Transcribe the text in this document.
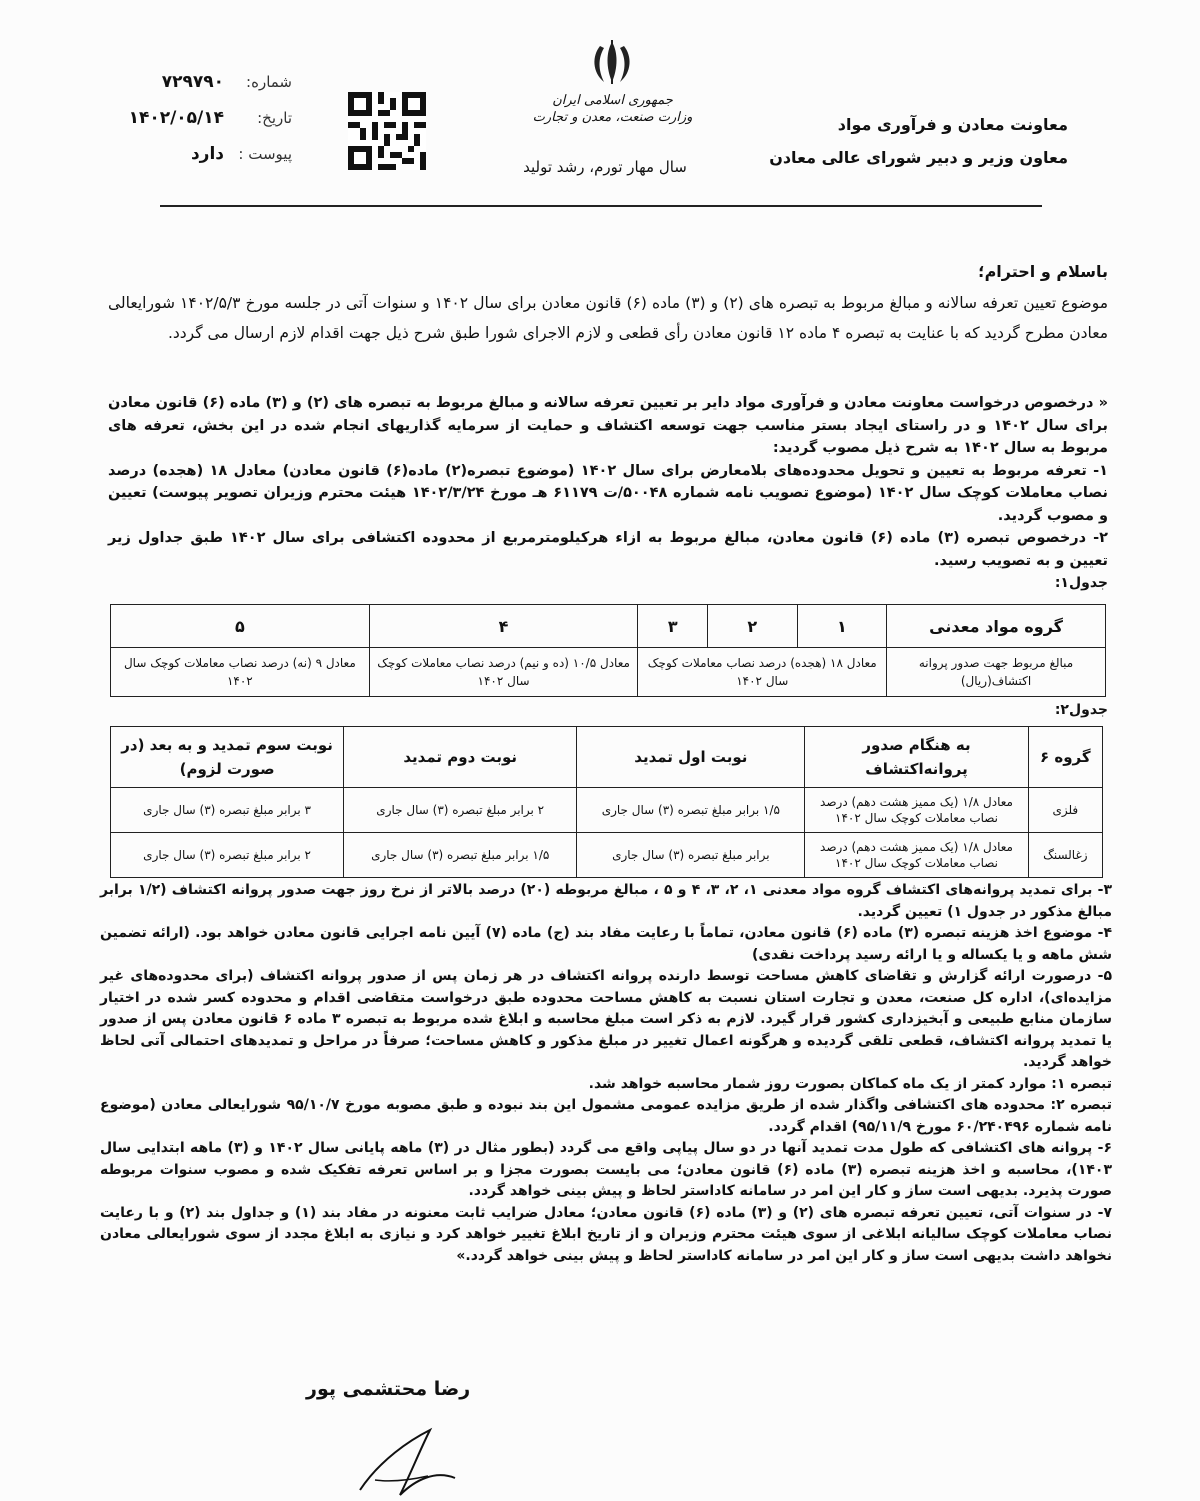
معاونت معادن و فرآوری مواد
معاون وزیر و دبیر شورای عالی معادن
جمهوری اسلامی ایران
وزارت صنعت، معدن و تجارت
سال مهار تورم، رشد تولید
شماره:
۷۲۹۷۹۰
تاریخ:
۱۴۰۲/۰۵/۱۴
پیوست :
دارد
باسلام و احترام؛
موضوع تعیین تعرفه سالانه و مبالغ مربوط به تبصره های (۲) و (۳) ماده (۶) قانون معادن برای سال ۱۴۰۲ و سنوات آتی در جلسه مورخ ۱۴۰۲/۵/۳ شورایعالی معادن مطرح گردید که با عنایت به تبصره ۴ ماده ۱۲ قانون معادن رأی قطعی و لازم الاجرای شورا طبق شرح ذیل جهت اقدام لازم ارسال می گردد.
« درخصوص درخواست معاونت معادن و فرآوری مواد دایر بر تعیین تعرفه سالانه و مبالغ مربوط به تبصره های (۲) و (۳) ماده (۶) قانون معادن برای سال ۱۴۰۲ و در راستای ایجاد بستر مناسب جهت توسعه اکتشاف و حمایت از سرمایه گذاریهای انجام شده در این بخش، تعرفه های مربوط به سال ۱۴۰۲ به شرح ذیل مصوب گردید:
۱- تعرفه مربوط به تعیین و تحویل محدوده‌های بلامعارض برای سال ۱۴۰۲ (موضوع تبصره(۲) ماده(۶) قانون معادن) معادل ۱۸ (هجده) درصد نصاب معاملات کوچک سال ۱۴۰۲ (موضوع تصویب نامه شماره ۵۰۰۴۸/ت ۶۱۱۷۹ هـ مورخ ۱۴۰۲/۳/۲۴ هیئت محترم وزیران تصویر پیوست) تعیین و مصوب گردید.
۲- درخصوص تبصره (۳) ماده (۶) قانون معادن، مبالغ مربوط به ازاء هرکیلومترمربع از محدوده اکتشافی برای سال ۱۴۰۲ طبق جداول زیر تعیین و به تصویب رسید.
جدول۱:
گروه مواد معدنی	۱	۲	۳	۴	۵
مبالغ مربوط جهت صدور پروانه اکتشاف(ریال)	معادل ۱۸ (هجده) درصد نصاب معاملات کوچک سال ۱۴۰۲			معادل ۱۰/۵ (ده و نیم) درصد نصاب معاملات کوچک سال ۱۴۰۲	معادل ۹ (نه) درصد نصاب معاملات کوچک سال ۱۴۰۲
جدول۲:
گروه ۶	به هنگام صدور پروانه‌اکتشاف	نوبت اول تمدید	نوبت دوم تمدید	نوبت سوم تمدید و به بعد (در صورت لزوم)
فلزی	معادل ۱/۸ (یک ممیز هشت دهم) درصد نصاب معاملات کوچک سال ۱۴۰۲	۱/۵ برابر مبلغ تبصره (۳) سال جاری	۲ برابر مبلغ تبصره (۳) سال جاری	۳ برابر مبلغ تبصره (۳) سال جاری
زغالسنگ	معادل ۱/۸ (یک ممیز هشت دهم) درصد نصاب معاملات کوچک سال ۱۴۰۲	برابر مبلغ تبصره (۳) سال جاری	۱/۵ برابر مبلغ تبصره (۳) سال جاری	۲ برابر مبلغ تبصره (۳) سال جاری
۳- برای تمدید پروانه‌های اکتشاف گروه مواد معدنی ۱، ۲، ۳، ۴ و ۵ ، مبالغ مربوطه (۲۰) درصد بالاتر از نرخ روز جهت صدور پروانه اکتشاف (۱/۲ برابر مبالغ مذکور در جدول ۱) تعیین گردید.
۴- موضوع اخذ هزینه تبصره (۳) ماده (۶) قانون معادن، تماماً با رعایت مفاد بند (ج) ماده (۷) آیین نامه اجرایی قانون معادن خواهد بود. (ارائه تضمین شش ماهه و یا یکساله و یا ارائه رسید پرداخت نقدی)
۵- درصورت ارائه گزارش و تقاضای کاهش مساحت توسط دارنده پروانه اکتشاف در هر زمان پس از صدور پروانه اکتشاف (برای محدوده‌های غیر مزایده‌ای)، اداره کل صنعت، معدن و تجارت استان نسبت به کاهش مساحت محدوده طبق درخواست متقاضی اقدام و محدوده کسر شده در اختیار سازمان منابع طبیعی و آبخیزداری کشور قرار گیرد. لازم به ذکر است مبلغ محاسبه و ابلاغ شده مربوط به تبصره ۳ ماده ۶ قانون معادن پس از صدور یا تمدید پروانه اکتشاف، قطعی تلقی گردیده و هرگونه اعمال تغییر در مبلغ مذکور و کاهش مساحت؛ صرفاً در مراحل و تمدیدهای احتمالی آتی لحاظ خواهد گردید.
تبصره ۱: موارد کمتر از یک ماه کماکان بصورت روز شمار محاسبه خواهد شد.
تبصره ۲: محدوده های اکتشافی واگذار شده از طریق مزایده عمومی مشمول این بند نبوده و طبق مصوبه مورخ ۹۵/۱۰/۷ شورایعالی معادن (موضوع نامه شماره ۶۰/۲۴۰۴۹۶ مورخ ۹۵/۱۱/۹) اقدام گردد.
۶- پروانه های اکتشافی که طول مدت تمدید آنها در دو سال پیاپی واقع می گردد (بطور مثال در (۳) ماهه پایانی سال ۱۴۰۲ و (۳) ماهه ابتدایی سال ۱۴۰۳)، محاسبه و اخذ هزینه تبصره (۳) ماده (۶) قانون معادن؛ می بایست بصورت مجزا و بر اساس تعرفه تفکیک شده و مصوب سنوات مربوطه صورت پذیرد. بدیهی است ساز و کار این امر در سامانه کاداستر لحاظ و پیش بینی خواهد گردد.
۷- در سنوات آتی، تعیین تعرفه تبصره های (۲) و (۳) ماده (۶) قانون معادن؛ معادل ضرایب ثابت معنونه در مفاد بند (۱) و جداول بند (۲) و با رعایت نصاب معاملات کوچک سالیانه ابلاغی از سوی هیئت محترم وزیران و از تاریخ ابلاغ تغییر خواهد کرد و نیازی به ابلاغ مجدد از سوی شورایعالی معادن نخواهد داشت بدیهی است ساز و کار این امر در سامانه کاداستر لحاظ و پیش بینی خواهد گردد.»
رضا محتشمی پور
